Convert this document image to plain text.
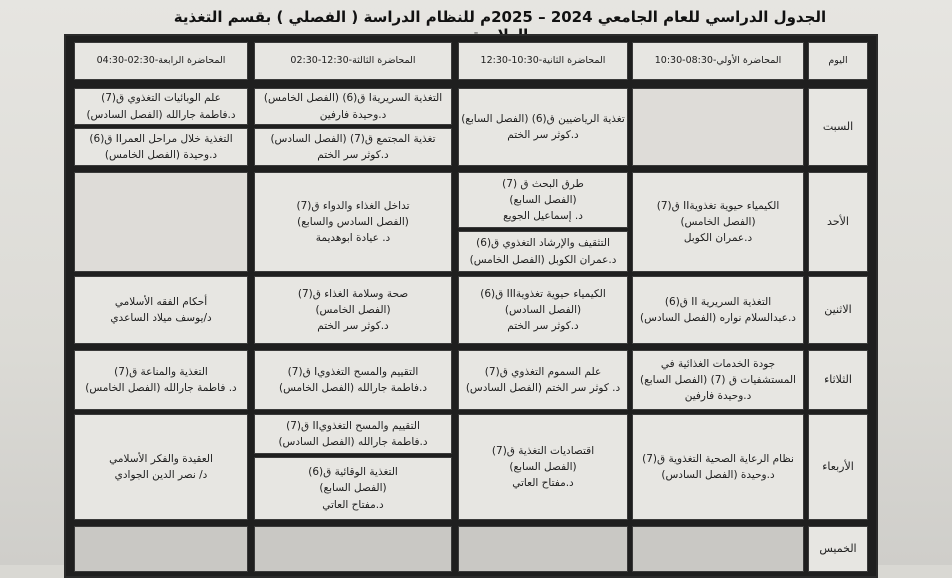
الجدول الدراسي للعام الجامعي 2024 – 2025م للنظام الدراسة ( الفصلي ) بقسم التغذية
اليوم
المحاضرة الأولي-08:30-10:30
المحاضرة الثانية-10:30-12:30
المحاضرة الثالثة-12:30-02:30
المحاضرة الرابعة-02:30-04:30
السبت
تغذية الرياضيين ق(6) (الفصل السابع)
د.كوثر سر الختم
التغذية السريريةI ق(6) (الفصل الخامس)
د.وحيدة فارفين
تغذية المجتمع ق(7) (الفصل السادس)
د.كوثر سر الختم
علم الوبائيات التغذوي ق(7)
د.فاطمة جارالله (الفصل السادس)
التغذية خلال مراحل العمرII ق(6)
د.وحيدة (الفصل الخامس)
الأحد
الكيمياء حيوية تغذويةII ق(7)
(الفصل الخامس)
د.عمران الكوبل
طرق البحث ق (7)
(الفصل السابع)
د. إسماعيل الجويع
التثقيف والإرشاد التغذوي ق(6)
د.عمران الكوبل (الفصل الخامس)
تداخل الغذاء والدواء ق(7)
(الفصل السادس والسابع)
د. عيادة ابوهديمة
الاثنين
التغذية السريرية II ق(6)
د.عبدالسلام نواره (الفصل السادس)
الكيمياء حيوية تغذويةIII ق(6)
(الفصل السادس)
د.كوثر سر الختم
صحة وسلامة الغذاء ق(7)
(الفصل الخامس)
د.كوثر سر الختم
أحكام الفقه الأسلامي
د/يوسف ميلاد الساعدي
الثلاثاء
جودة الخدمات الغذائية في
المستشفيات ق (7) (الفصل السابع)
د.وحيدة فارفين
علم السموم التغذوي ق(7)
د. كوثر سر الختم (الفصل السادس)
التقييم والمسح التغذويI ق(7)
د.فاطمة جارالله (الفصل الخامس)
التغذية والمناعة ق(7)
د. فاطمة جارالله (الفصل الخامس)
الأربعاء
نظام الرعاية الصحية التغذوية ق(7)
د.وحيدة (الفصل السادس)
اقتصاديات التغذية ق(7)
(الفصل السابع)
د.مفتاح العاتي
التقييم والمسح التغذويII ق(7)
د.فاطمة جارالله (الفصل السادس)
التغذية الوقائية ق(6)
(الفصل السابع)
د.مفتاح العاتي
العقيدة والفكر الأسلامي
د/ نصر الدين الجوادي
الخميس
